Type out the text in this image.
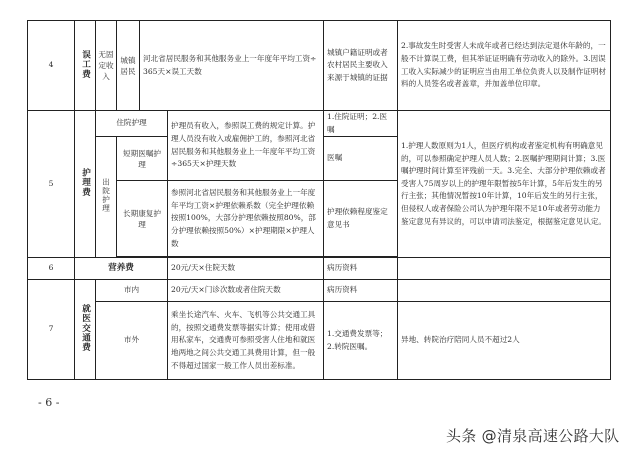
4	误工费	无固定收入	城镇居民	河北省居民服务和其他服务业上一年度年平均工资÷365天×误工天数		城镇户籍证明或者农村居民主要收入来源于城镇的证据	2.事故发生时受害人未成年或者已经达到法定退休年龄的，一般不计算误工费，但其举证证明确有劳动收入的除外。3.因误工收入实际减少的证明应当由用工单位负责人以及制作证明材料的人员签名或者盖章，并加盖单位印章。
5	护理费	住院护理			护理员有收入，参照误工费的规定计算。护理人员没有收入或雇佣护工的，参照河北省居民服务和其他服务业上一年度年平均工资÷365天×护理天数	1.住院证明；2.医嘱	1.护理人数原则为1人，但医疗机构或者鉴定机构有明确意见的，可以参照确定护理人员人数；2.医嘱护理期间计算；3.医嘱护理时间计算至评残前一天。3.完全、大部分护理依赖或者受害人75周岁以上的护理年限暂按5年计算，5年后发生的另行主张；其他情况暂按10年计算，10年后发生的另行主张，但侵权人或者保险公司认为护理年限不足10年或者劳动能力鉴定意见有异议的，可以申请司法鉴定，根据鉴定意见认定。
		出院护理	短期医嘱护理			医嘱	
			长期康复护理		参照河北省居民服务和其他服务业上一年度年平均工资×护理依赖系数（完全护理依赖按照100%，大部分护理依赖按照80%，部分护理依赖按照50%）×护理期限×护理人数	护理依赖程度鉴定意见书	

6	营养费				20元/天×住院天数	病历资料	
7	就医交通费	市内			20元/天×门诊次数或者住院天数	病历资料	
		市外			乘坐长途汽车、火车、飞机等公共交通工具的，按照交通费发票等据实计算；使用或借用私家车，交通费可参照受害人住地和就医地两地之间公共交通工具费用计算，但一般不得超过国家一般工作人员出差标准。	1.交通费发票等；2.转院医嘱。	异地、转院治疗陪同人员不超过2人
- 6 -
头条 @清泉高速公路大队
